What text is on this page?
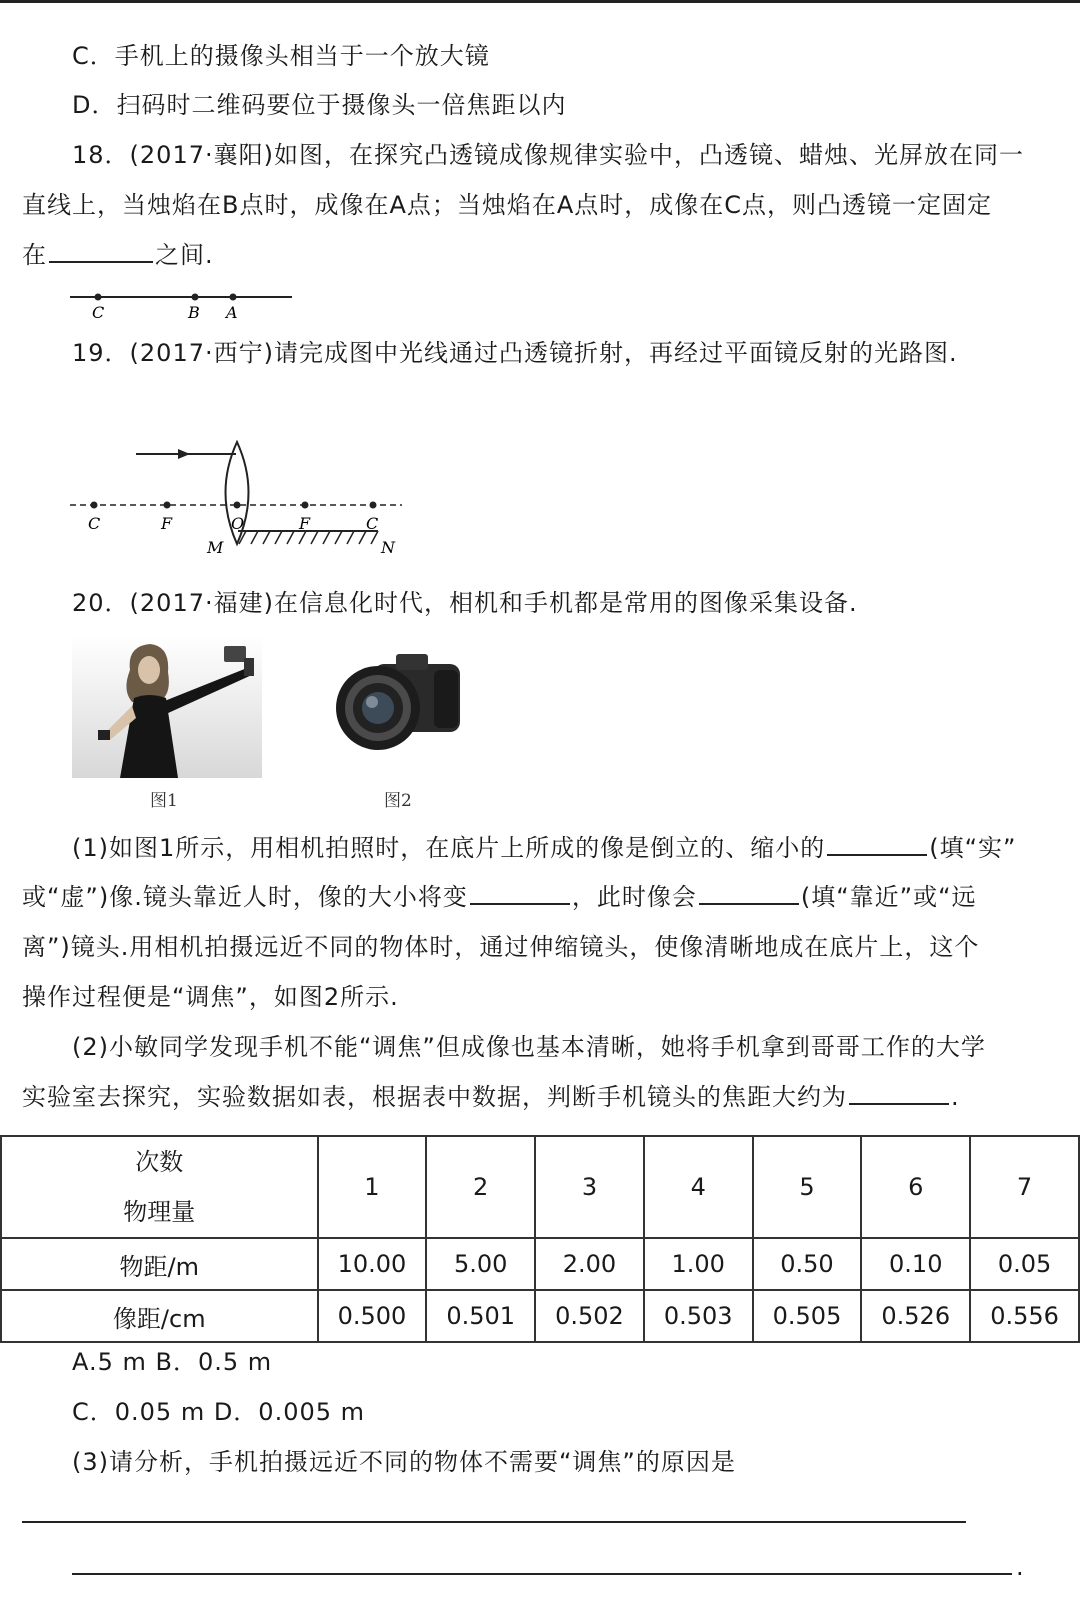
C．手机上的摄像头相当于一个放大镜
D．扫码时二维码要位于摄像头一倍焦距以内
18．(2017·襄阳)如图，在探究凸透镜成像规律实验中，凸透镜、蜡烛、光屏放在同一
直线上，当烛焰在B点时，成像在A点；当烛焰在A点时，成像在C点，则凸透镜一定固定
在	之间.
C	B A
19．(2017·西宁)请完成图中光线通过凸透镜折射，再经过平面镜反射的光路图.
C	F	O	F	C
M	N
20．(2017·福建)在信息化时代，相机和手机都是常用的图像采集设备.
图1	图2
(1)如图1所示，用相机拍照时，在底片上所成的像是倒立的、缩小的	(填“实”
或“虚”)像.镜头靠近人时，像的大小将变	，此时像会	(填“靠近”或“远
离”)镜头.用相机拍摄远近不同的物体时，通过伸缩镜头，使像清晰地成在底片上，这个
操作过程便是“调焦”，如图2所示.
(2)小敏同学发现手机不能“调焦”但成像也基本清晰，她将手机拿到哥哥工作的大学
实验室去探究，实验数据如表，根据表中数据，判断手机镜头的焦距大约为	.
次数
物理量	1	2	3	4	5	6	7
物距/m	10.00	5.00	2.00	1.00	0.50	0.10	0.05
像距/cm	0.500	0.501	0.502	0.503	0.505	0.526	0.556
A.5 m B．0.5 m
C．0.05 m D．0.005 m
(3)请分析，手机拍摄远近不同的物体不需要“调焦”的原因是
.
